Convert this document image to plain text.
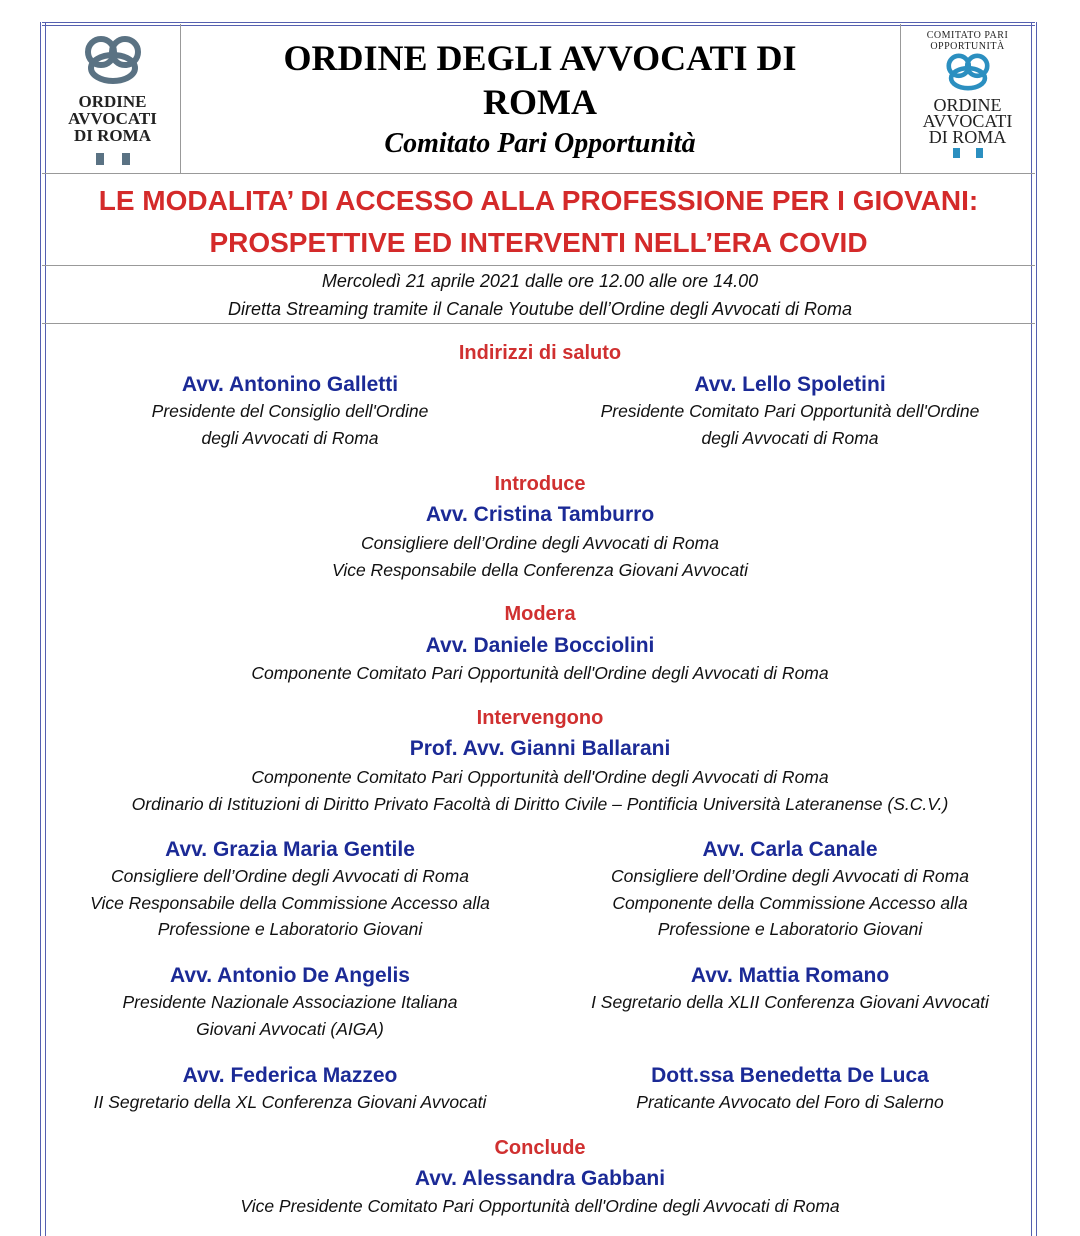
ORDINE
AVVOCATI
DI ROMA
COMITATO PARI OPPORTUNITÀ
ORDINE
AVVOCATI
DI ROMA
ORDINE DEGLI AVVOCATI DI
ROMA
Comitato Pari Opportunità
LE MODALITA’ DI ACCESSO ALLA PROFESSIONE PER I GIOVANI:
PROSPETTIVE ED INTERVENTI NELL’ERA COVID
Mercoledì 21 aprile 2021 dalle ore 12.00 alle ore 14.00
Diretta Streaming tramite il Canale Youtube dell’Ordine degli Avvocati di Roma
Indirizzi di saluto
Avv. Antonino Galletti
Presidente del Consiglio dell'Ordine
degli Avvocati di Roma
Avv. Lello Spoletini
Presidente Comitato Pari Opportunità dell'Ordine
degli Avvocati di Roma
Introduce
Avv. Cristina Tamburro
Consigliere dell’Ordine degli Avvocati di Roma
Vice Responsabile della Conferenza Giovani Avvocati
Modera
Avv. Daniele Bocciolini
Componente Comitato Pari Opportunità dell'Ordine degli Avvocati di Roma
Intervengono
Prof. Avv. Gianni Ballarani
Componente Comitato Pari Opportunità dell'Ordine degli Avvocati di Roma
Ordinario di Istituzioni di Diritto Privato Facoltà di Diritto Civile – Pontificia Università Lateranense (S.C.V.)
Avv. Grazia Maria Gentile
Consigliere dell’Ordine degli Avvocati di Roma
Vice Responsabile della Commissione Accesso alla
Professione e Laboratorio Giovani
Avv. Carla Canale
Consigliere dell’Ordine degli Avvocati di Roma
Componente della Commissione Accesso alla
Professione e Laboratorio Giovani
Avv. Antonio De Angelis
Presidente Nazionale Associazione Italiana
Giovani Avvocati (AIGA)
Avv. Mattia Romano
I Segretario della XLII Conferenza Giovani Avvocati
Avv. Federica Mazzeo
II Segretario della XL Conferenza Giovani Avvocati
Dott.ssa Benedetta De Luca
Praticante Avvocato del Foro di Salerno
Conclude
Avv. Alessandra Gabbani
Vice Presidente Comitato Pari Opportunità dell'Ordine degli Avvocati di Roma
